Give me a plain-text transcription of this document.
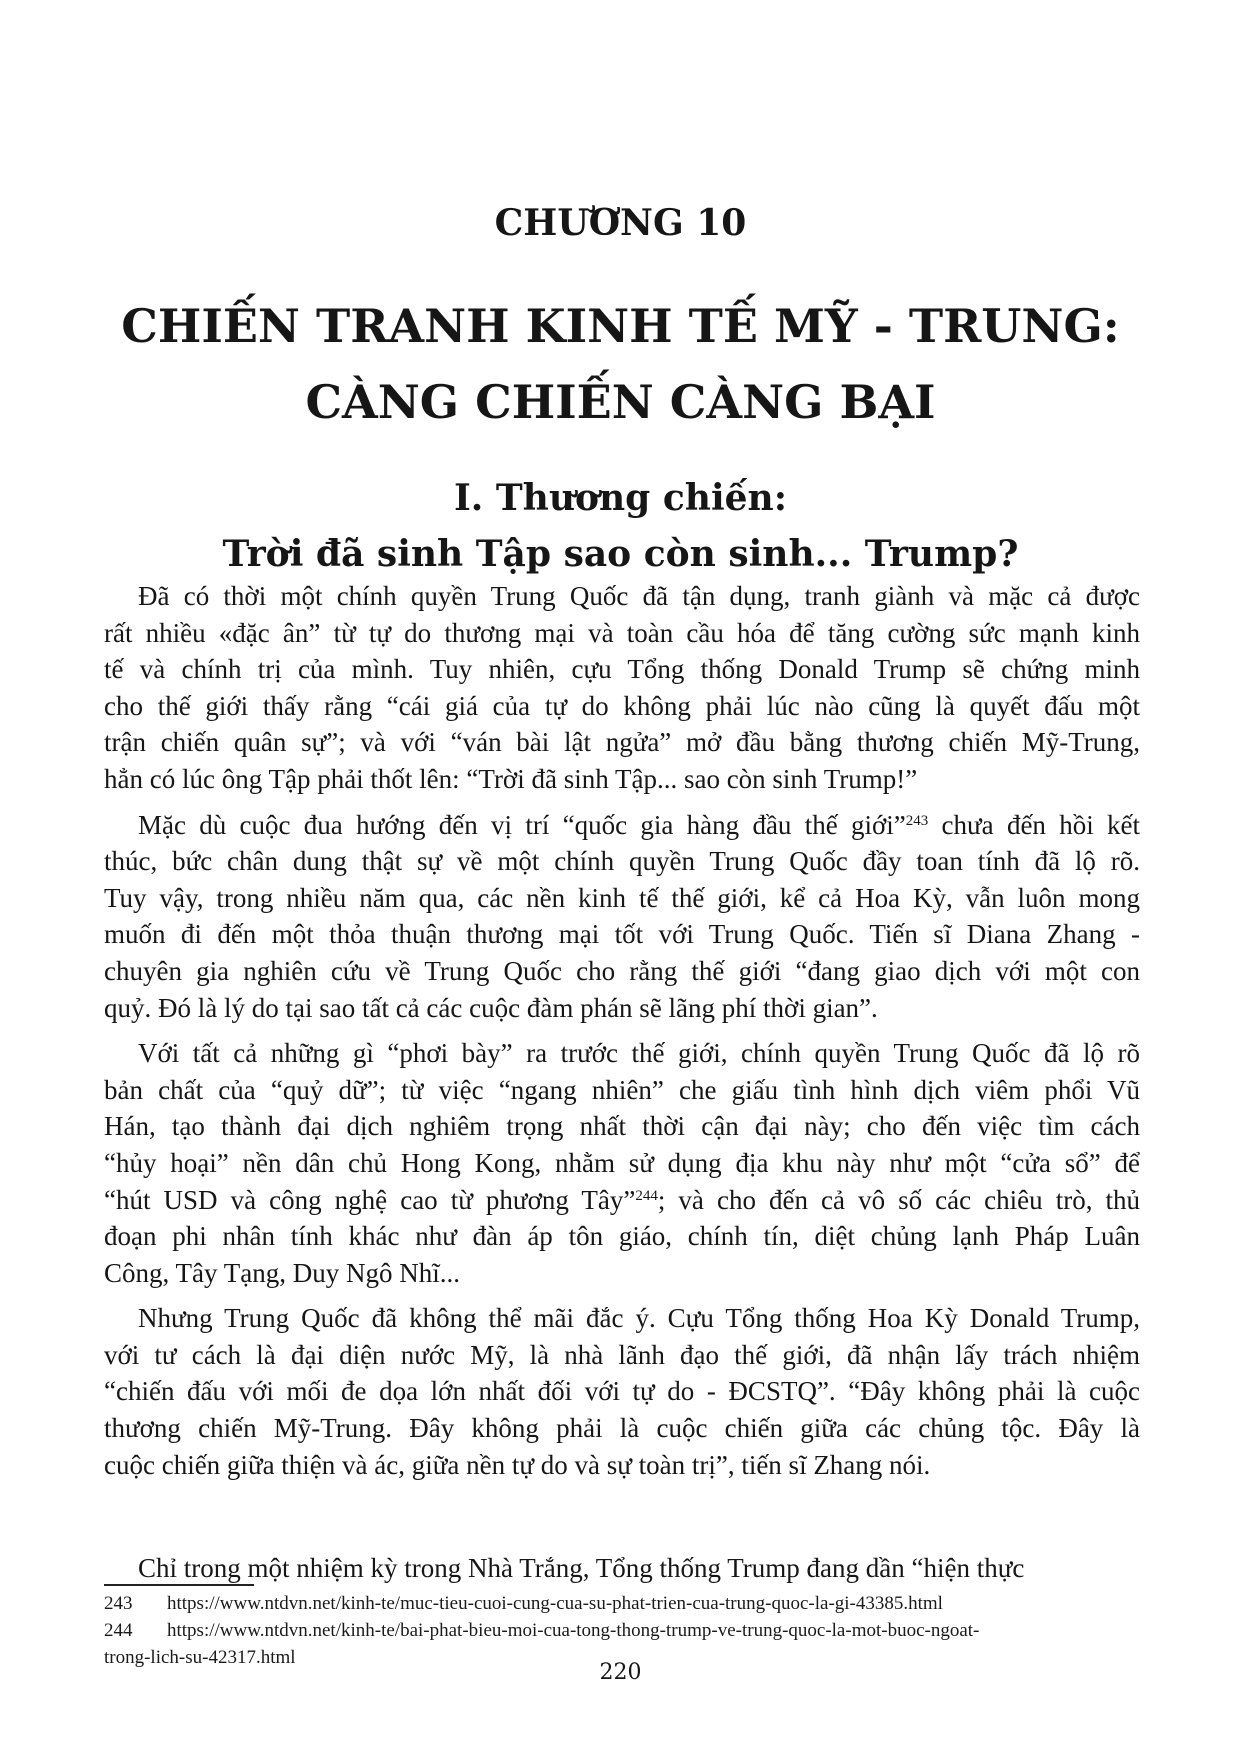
CHƯƠNG 10
CHIẾN TRANH KINH TẾ MỸ - TRUNG:
CÀNG CHIẾN CÀNG BẠI
I. Thương chiến:
Trời đã sinh Tập sao còn sinh... Trump?

Đã có thời một chính quyền Trung Quốc đã tận dụng, tranh giành và mặc cả được
rất nhiều «đặc ân” từ tự do thương mại và toàn cầu hóa để tăng cường sức mạnh kinh
tế và chính trị của mình. Tuy nhiên, cựu Tổng thống Donald Trump sẽ chứng minh
cho thế giới thấy rằng “cái giá của tự do không phải lúc nào cũng là quyết đấu một
trận chiến quân sự”; và với “ván bài lật ngửa” mở đầu bằng thương chiến Mỹ-Trung,
hẳn có lúc ông Tập phải thốt lên: “Trời đã sinh Tập... sao còn sinh Trump!”

Mặc dù cuộc đua hướng đến vị trí “quốc gia hàng đầu thế giới”$^{243}$ chưa đến hồi kết
thúc, bức chân dung thật sự về một chính quyền Trung Quốc đầy toan tính đã lộ rõ.
Tuy vậy, trong nhiều năm qua, các nền kinh tế thế giới, kể cả Hoa Kỳ, vẫn luôn mong
muốn đi đến một thỏa thuận thương mại tốt với Trung Quốc. Tiến sĩ Diana Zhang -
chuyên gia nghiên cứu về Trung Quốc cho rằng thế giới “đang giao dịch với một con
quỷ. Đó là lý do tại sao tất cả các cuộc đàm phán sẽ lãng phí thời gian”.

Với tất cả những gì “phơi bày” ra trước thế giới, chính quyền Trung Quốc đã lộ rõ
bản chất của “quỷ dữ”; từ việc “ngang nhiên” che giấu tình hình dịch viêm phổi Vũ
Hán, tạo thành đại dịch nghiêm trọng nhất thời cận đại này; cho đến việc tìm cách
“hủy hoại” nền dân chủ Hong Kong, nhằm sử dụng địa khu này như một “cửa sổ” để
“hút USD và công nghệ cao từ phương Tây”$^{244}$; và cho đến cả vô số các chiêu trò, thủ
đoạn phi nhân tính khác như đàn áp tôn giáo, chính tín, diệt chủng lạnh Pháp Luân
Công, Tây Tạng, Duy Ngô Nhĩ...

Nhưng Trung Quốc đã không thể mãi đắc ý. Cựu Tổng thống Hoa Kỳ Donald Trump,
với tư cách là đại diện nước Mỹ, là nhà lãnh đạo thế giới, đã nhận lấy trách nhiệm
“chiến đấu với mối đe dọa lớn nhất đối với tự do - ĐCSTQ”. “Đây không phải là cuộc
thương chiến Mỹ-Trung. Đây không phải là cuộc chiến giữa các chủng tộc. Đây là
cuộc chiến giữa thiện và ác, giữa nền tự do và sự toàn trị”, tiến sĩ Zhang nói.

Chỉ trong một nhiệm kỳ trong Nhà Trắng, Tổng thống Trump đang dần “hiện thực
243 https://www.ntdvn.net/kinh-te/muc-tieu-cuoi-cung-cua-su-phat-trien-cua-trung-quoc-la-gi-43385.html
244 https://www.ntdvn.net/kinh-te/bai-phat-bieu-moi-cua-tong-thong-trump-ve-trung-quoc-la-mot-buoc-ngoat-
trong-lich-su-42317.html
220
